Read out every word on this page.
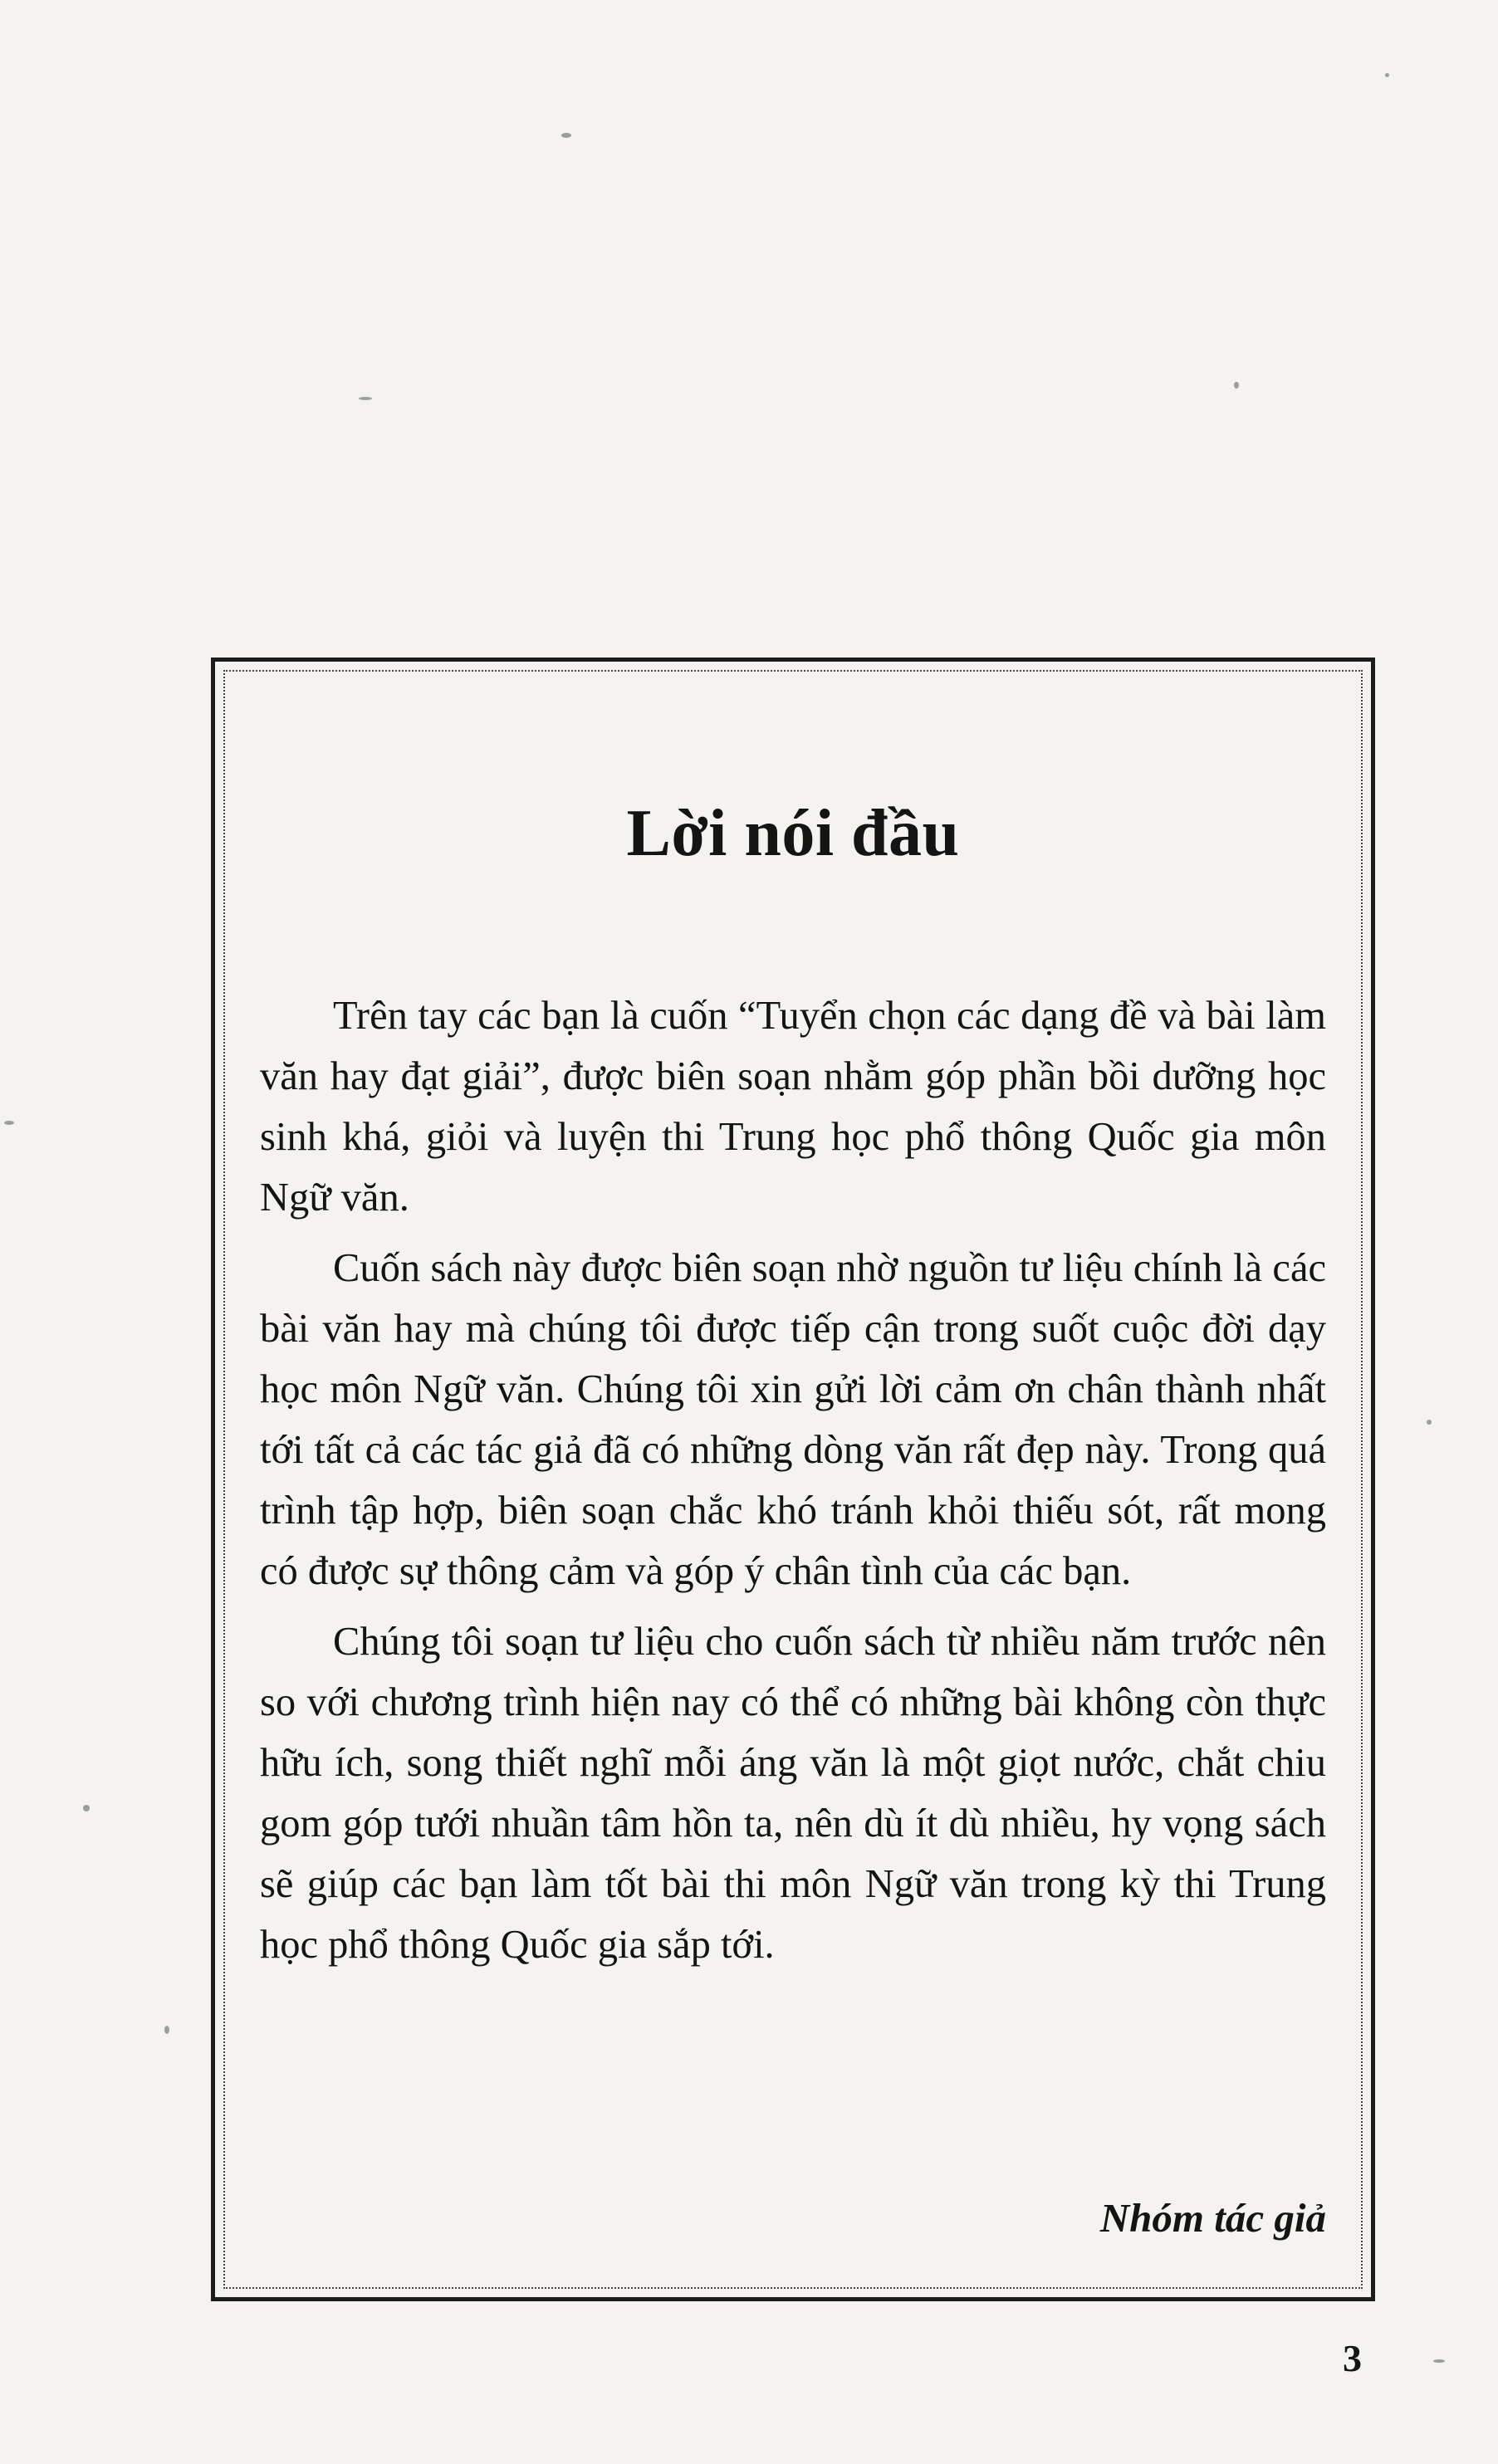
Lời nói đầu

Trên tay các bạn là cuốn “Tuyển chọn các dạng đề và bài làm văn hay đạt giải”, được biên soạn nhằm góp phần bồi dưỡng học sinh khá, giỏi và luyện thi Trung học phổ thông Quốc gia môn Ngữ văn.

Cuốn sách này được biên soạn nhờ nguồn tư liệu chính là các bài văn hay mà chúng tôi được tiếp cận trong suốt cuộc đời dạy học môn Ngữ văn. Chúng tôi xin gửi lời cảm ơn chân thành nhất tới tất cả các tác giả đã có những dòng văn rất đẹp này. Trong quá trình tập hợp, biên soạn chắc khó tránh khỏi thiếu sót, rất mong có được sự thông cảm và góp ý chân tình của các bạn.

Chúng tôi soạn tư liệu cho cuốn sách từ nhiều năm trước nên so với chương trình hiện nay có thể có những bài không còn thực hữu ích, song thiết nghĩ mỗi áng văn là một giọt nước, chắt chiu gom góp tưới nhuần tâm hồn ta, nên dù ít dù nhiều, hy vọng sách sẽ giúp các bạn làm tốt bài thi môn Ngữ văn trong kỳ thi Trung học phổ thông Quốc gia sắp tới.

Nhóm tác giả
3
